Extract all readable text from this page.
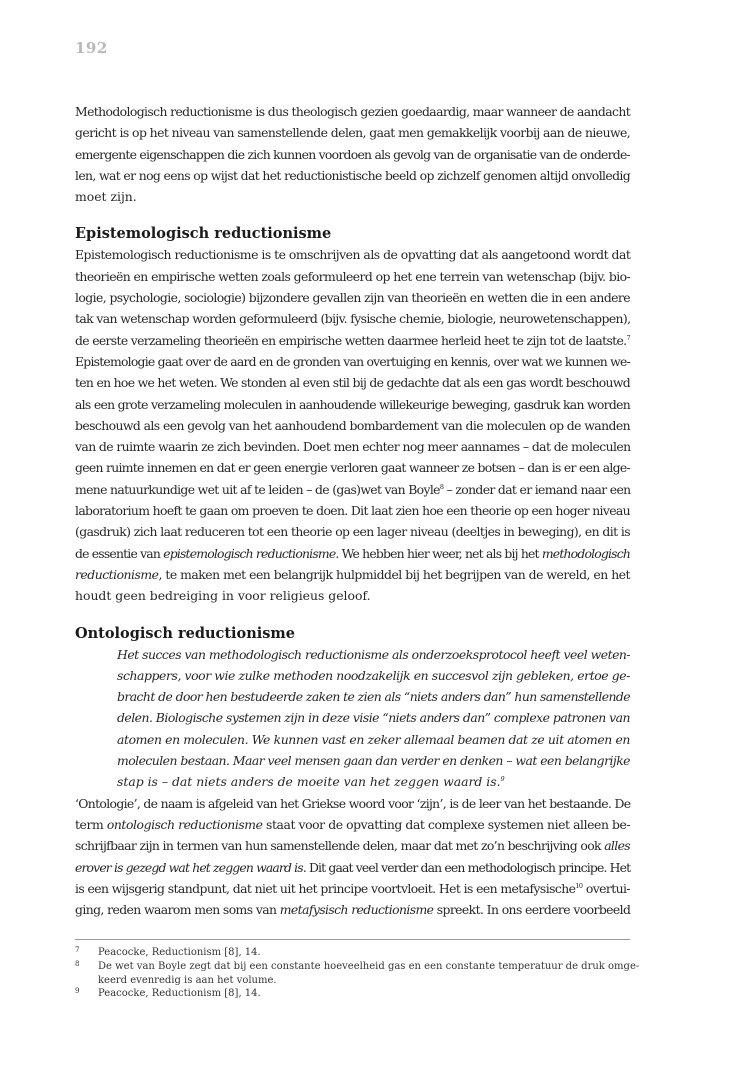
192
Methodologisch reductionisme is dus theologisch gezien goedaardig, maar wanneer de aandacht
gericht is op het niveau van samenstellende delen, gaat men gemakkelijk voorbij aan de nieuwe,
emergente eigenschappen die zich kunnen voordoen als gevolg van de organisatie van de onderde-
len, wat er nog eens op wijst dat het reductionistische beeld op zichzelf genomen altijd onvolledig
moet zijn.
Epistemologisch reductionisme
Epistemologisch reductionisme is te omschrijven als de opvatting dat als aangetoond wordt dat
theorieën en empirische wetten zoals geformuleerd op het ene terrein van wetenschap (bijv. bio-
logie, psychologie, sociologie) bijzondere gevallen zijn van theorieën en wetten die in een andere
tak van wetenschap worden geformuleerd (bijv. fysische chemie, biologie, neurowetenschappen),
de eerste verzameling theorieën en empirische wetten daarmee herleid heet te zijn tot de laatste.$^7$
Epistemologie gaat over de aard en de gronden van overtuiging en kennis, over wat we kunnen we-
ten en hoe we het weten. We stonden al even stil bij de gedachte dat als een gas wordt beschouwd
als een grote verzameling moleculen in aanhoudende willekeurige beweging, gasdruk kan worden
beschouwd als een gevolg van het aanhoudend bombardement van die moleculen op de wanden
van de ruimte waarin ze zich bevinden. Doet men echter nog meer aannames – dat de moleculen
geen ruimte innemen en dat er geen energie verloren gaat wanneer ze botsen – dan is er een alge-
mene natuurkundige wet uit af te leiden – de (gas)wet van Boyle$^8$ – zonder dat er iemand naar een
laboratorium hoeft te gaan om proeven te doen. Dit laat zien hoe een theorie op een hoger niveau
(gasdruk) zich laat reduceren tot een theorie op een lager niveau (deeltjes in beweging), en dit is
de essentie van epistemologisch reductionisme. We hebben hier weer, net als bij het methodologisch
reductionisme, te maken met een belangrijk hulpmiddel bij het begrijpen van de wereld, en het
houdt geen bedreiging in voor religieus geloof.
Ontologisch reductionisme
Het succes van methodologisch reductionisme als onderzoeksprotocol heeft veel weten-
schappers, voor wie zulke methoden noodzakelijk en succesvol zijn gebleken, ertoe ge-
bracht de door hen bestudeerde zaken te zien als “niets anders dan” hun samenstellende
delen. Biologische systemen zijn in deze visie “niets anders dan” complexe patronen van
atomen en moleculen. We kunnen vast en zeker allemaal beamen dat ze uit atomen en
moleculen bestaan. Maar veel mensen gaan dan verder en denken – wat een belangrijke
stap is – dat niets anders de moeite van het zeggen waard is.$^9$
‘Ontologie’, de naam is afgeleid van het Griekse woord voor ‘zijn’, is de leer van het bestaande. De
term ontologisch reductionisme staat voor de opvatting dat complexe systemen niet alleen be-
schrijfbaar zijn in termen van hun samenstellende delen, maar dat met zo’n beschrijving ook alles
erover is gezegd wat het zeggen waard is. Dit gaat veel verder dan een methodologisch principe. Het
is een wijsgerig standpunt, dat niet uit het principe voortvloeit. Het is een metafysische$^{10}$ overtui-
ging, reden waarom men soms van metafysisch reductionisme spreekt. In ons eerdere voorbeeld
7	Peacocke, Reductionism [8], 14.
8	De wet van Boyle zegt dat bij een constante hoeveelheid gas en een constante temperatuur de druk omge-
keerd evenredig is aan het volume.
9	Peacocke, Reductionism [8], 14.
